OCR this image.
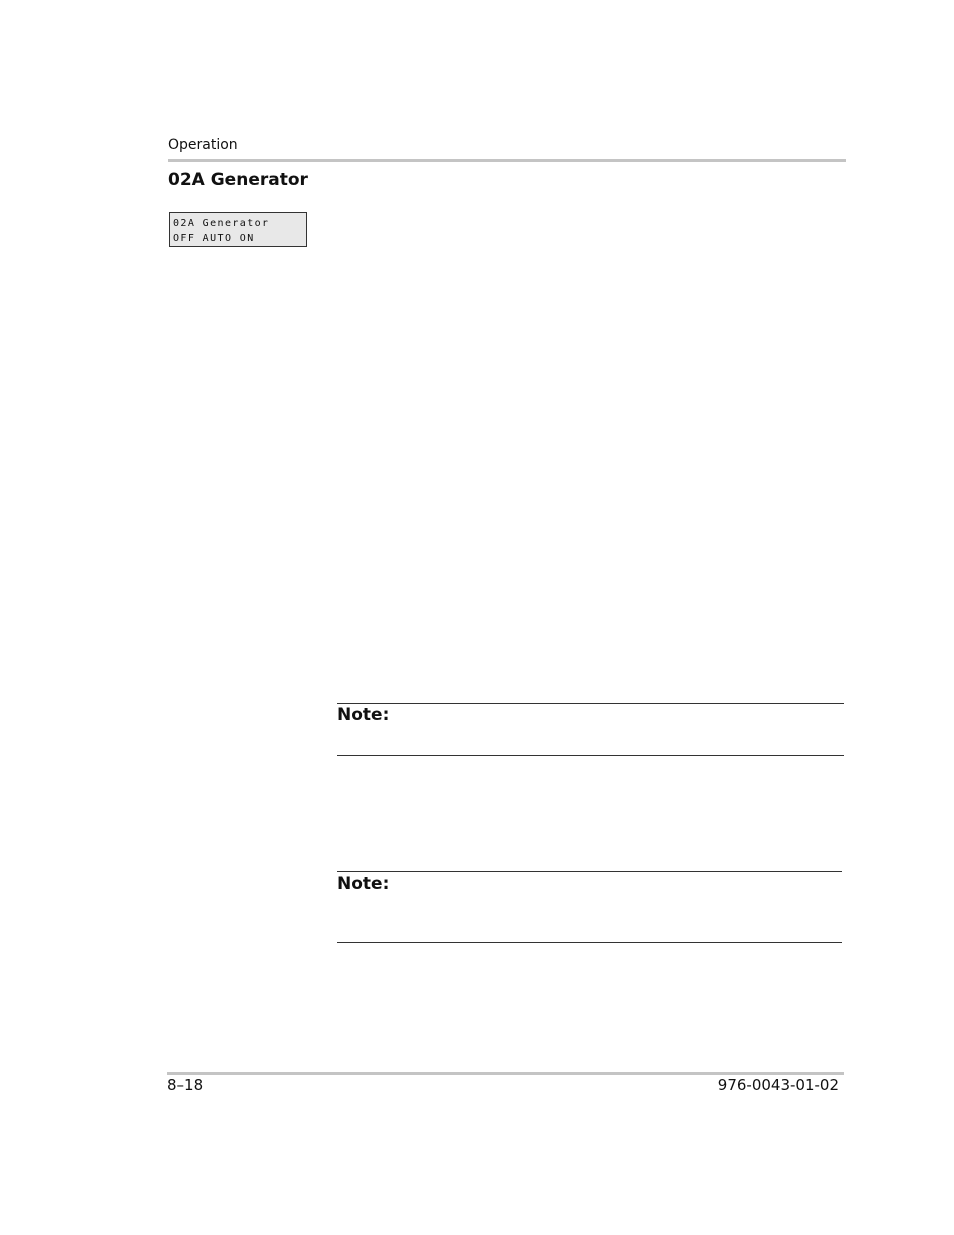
Operation
02A Generator
02A Generator
OFF AUTO ON
Note:
Note:
8–18	976-0043-01-02
